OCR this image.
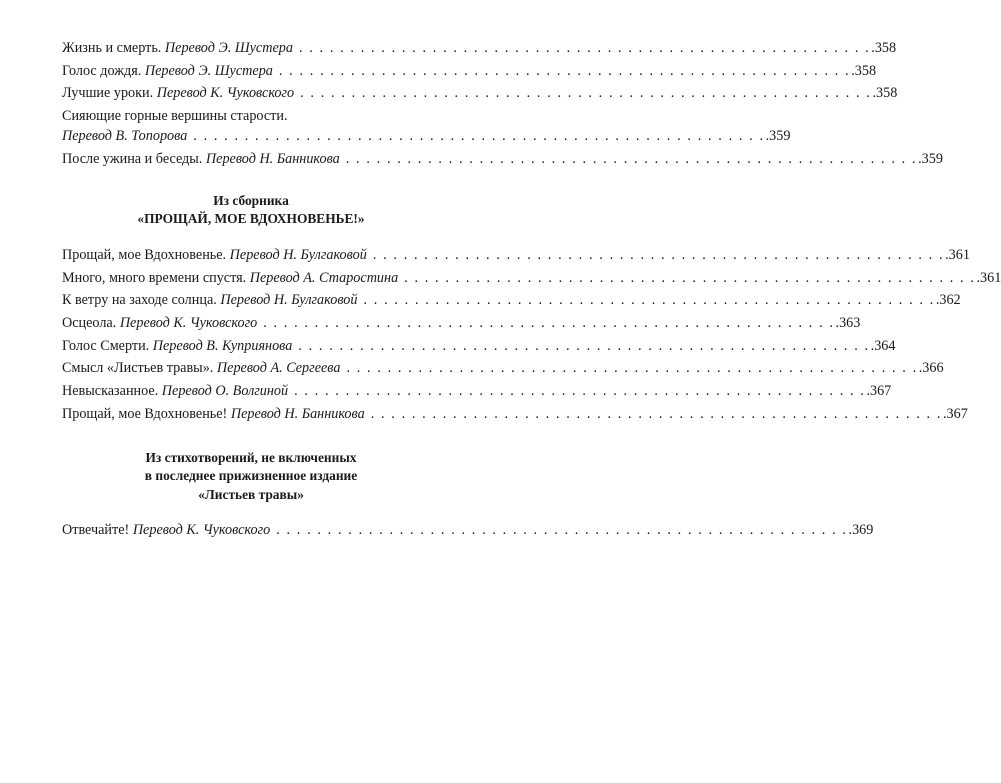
Жизнь и смерть.
Перевод Э. Шустера . . . . . . . . . . . . . . . . . . . . . . . . . . . . . . . . . . . . . . . . . . . . . . . . . . . . . . . . .358
Голос дождя.
Перевод Э. Шустера . . . . . . . . . . . . . . . . . . . . . . . . . . . . . . . . . . . . . . . . . . . . . . . . . . . . . . . . .358
Лучшие уроки.
Перевод К. Чуковского . . . . . . . . . . . . . . . . . . . . . . . . . . . . . . . . . . . . . . . . . . . . . . . . . . . . . . . . .358
Сияющие горные вершины старости.
Перевод В. Топорова . . . . . . . . . . . . . . . . . . . . . . . . . . . . . . . . . . . . . . . . . . . . . . . . . . . . . . . . .359
После ужина и беседы.
Перевод Н. Банникова . . . . . . . . . . . . . . . . . . . . . . . . . . . . . . . . . . . . . . . . . . . . . . . . . . . . . . . . .359
Из сборника
«ПРОЩАЙ, МОЕ ВДОХНОВЕНЬЕ!»
Прощай, мое Вдохновенье.
Перевод Н. Булгаковой . . . . . . . . . . . . . . . . . . . . . . . . . . . . . . . . . . . . . . . . . . . . . . . . . . . . . . . . .361
Много, много времени спустя.
Перевод А. Старостина . . . . . . . . . . . . . . . . . . . . . . . . . . . . . . . . . . . . . . . . . . . . . . . . . . . . . . . . .361
К ветру на заходе солнца.
Перевод Н. Булгаковой . . . . . . . . . . . . . . . . . . . . . . . . . . . . . . . . . . . . . . . . . . . . . . . . . . . . . . . . .362
Осцеола.
Перевод К. Чуковского . . . . . . . . . . . . . . . . . . . . . . . . . . . . . . . . . . . . . . . . . . . . . . . . . . . . . . . . .363
Голос Смерти.
Перевод В. Куприянова . . . . . . . . . . . . . . . . . . . . . . . . . . . . . . . . . . . . . . . . . . . . . . . . . . . . . . . . .364
Смысл «Листьев травы».
Перевод А. Сергеева . . . . . . . . . . . . . . . . . . . . . . . . . . . . . . . . . . . . . . . . . . . . . . . . . . . . . . . . .366
Невысказанное.
Перевод О. Волгиной . . . . . . . . . . . . . . . . . . . . . . . . . . . . . . . . . . . . . . . . . . . . . . . . . . . . . . . . .367
Прощай, мое Вдохновенье!
Перевод Н. Банникова . . . . . . . . . . . . . . . . . . . . . . . . . . . . . . . . . . . . . . . . . . . . . . . . . . . . . . . . .367
Из стихотворений, не включенных
в последнее прижизненное издание
«Листьев травы»
Отвечайте!
Перевод К. Чуковского . . . . . . . . . . . . . . . . . . . . . . . . . . . . . . . . . . . . . . . . . . . . . . . . . . . . . . . . .369
